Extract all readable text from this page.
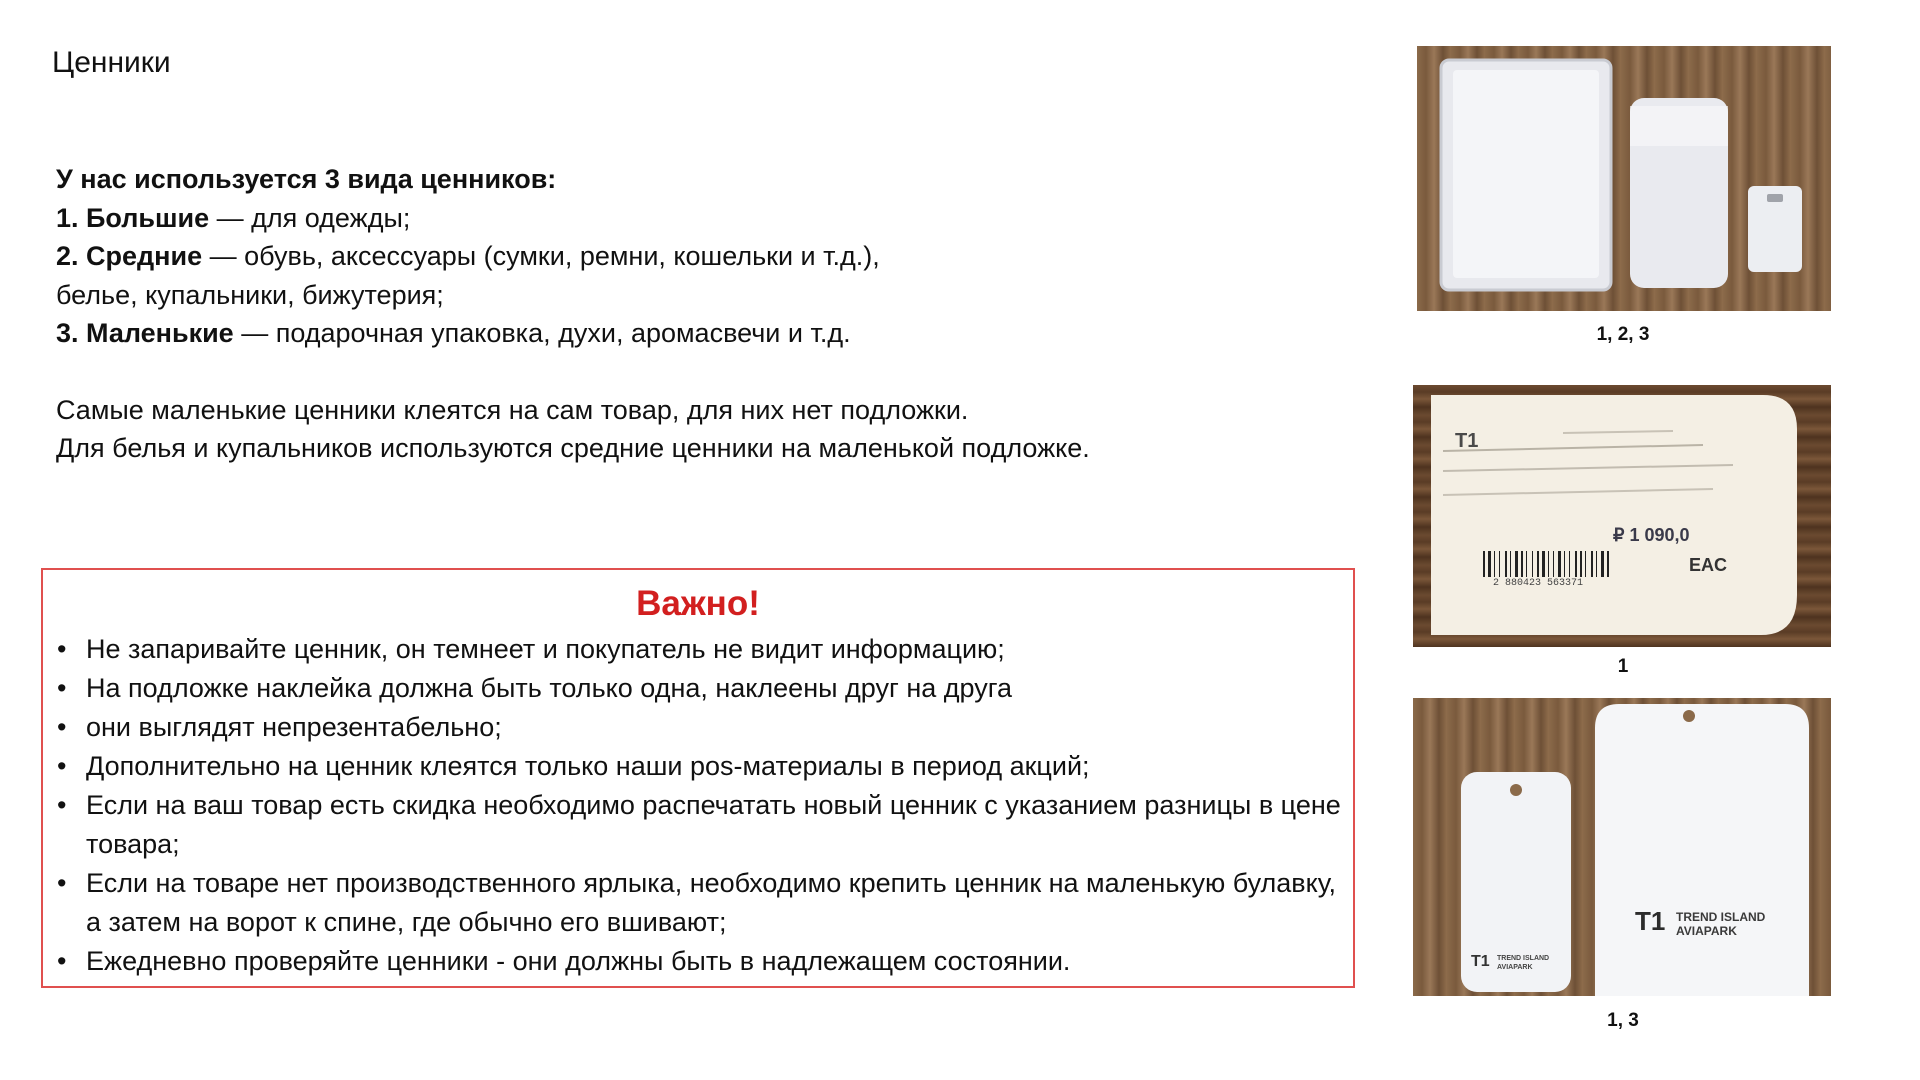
Ценники
У нас используется 3 вида ценников:
1. Большие — для одежды;
2. Средние — обувь, аксессуары (сумки, ремни, кошельки и т.д.),
белье, купальники, бижутерия;
3. Маленькие — подарочная упаковка, духи, аромасвечи и т.д.
Самые маленькие ценники клеятся на сам товар, для них нет подложки.
Для белья и купальников используются средние ценники на маленькой подложке.
Важно!
• Не запаривайте ценник, он темнеет и покупатель не видит информацию;
• На подложке наклейка должна быть только одна, наклеены друг на друга
• они выглядят непрезентабельно;
• Дополнительно на ценник клеятся только наши pos-материалы в период акций;
• Если на ваш товар есть скидка необходимо распечатать новый ценник с указанием разницы в цене товара;
• Если на товаре нет производственного ярлыка, необходимо крепить ценник на маленькую булавку, а затем на ворот к спине, где обычно его вшивают;
• Ежедневно проверяйте ценники - они должны быть в надлежащем состоянии.
1, 2, 3
T1
₽ 1 090,0
2 880423 563371
EAC
1
T1 TREND ISLAND
AVIAPARK
T1 TREND ISLAND
AVIAPARK
1, 3
